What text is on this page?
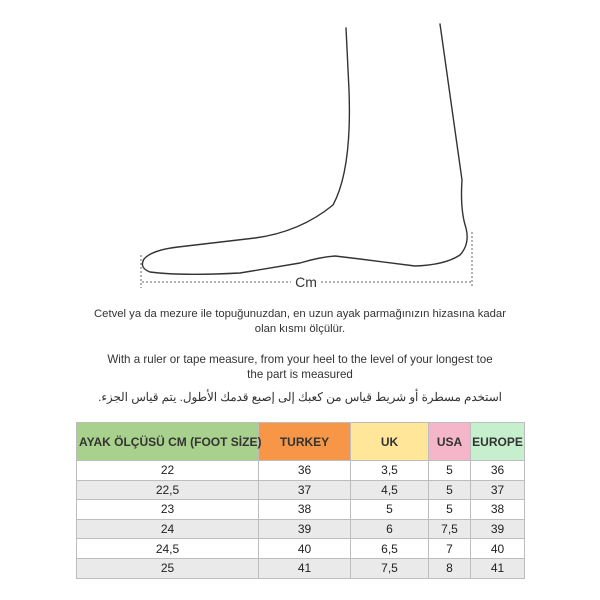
Cm
Cetvel ya da mezure ile topuğunuzdan, en uzun ayak parmağınızın hizasına kadar
olan kısmı ölçülür.
With a ruler or tape measure, from your heel to the level of your longest toe
the part is measured
استخدم مسطرة أو شريط قياس من كعبك إلى إصبع قدمك الأطول. يتم قياس الجزء.
AYAK ÖLÇÜSÜ CM (FOOT SİZE)	TURKEY	UK	USA	EUROPE
22	36	3,5	5	36
22,5	37	4,5	5	37
23	38	5	5	38
24	39	6	7,5	39
24,5	40	6,5	7	40
25	41	7,5	8	41
